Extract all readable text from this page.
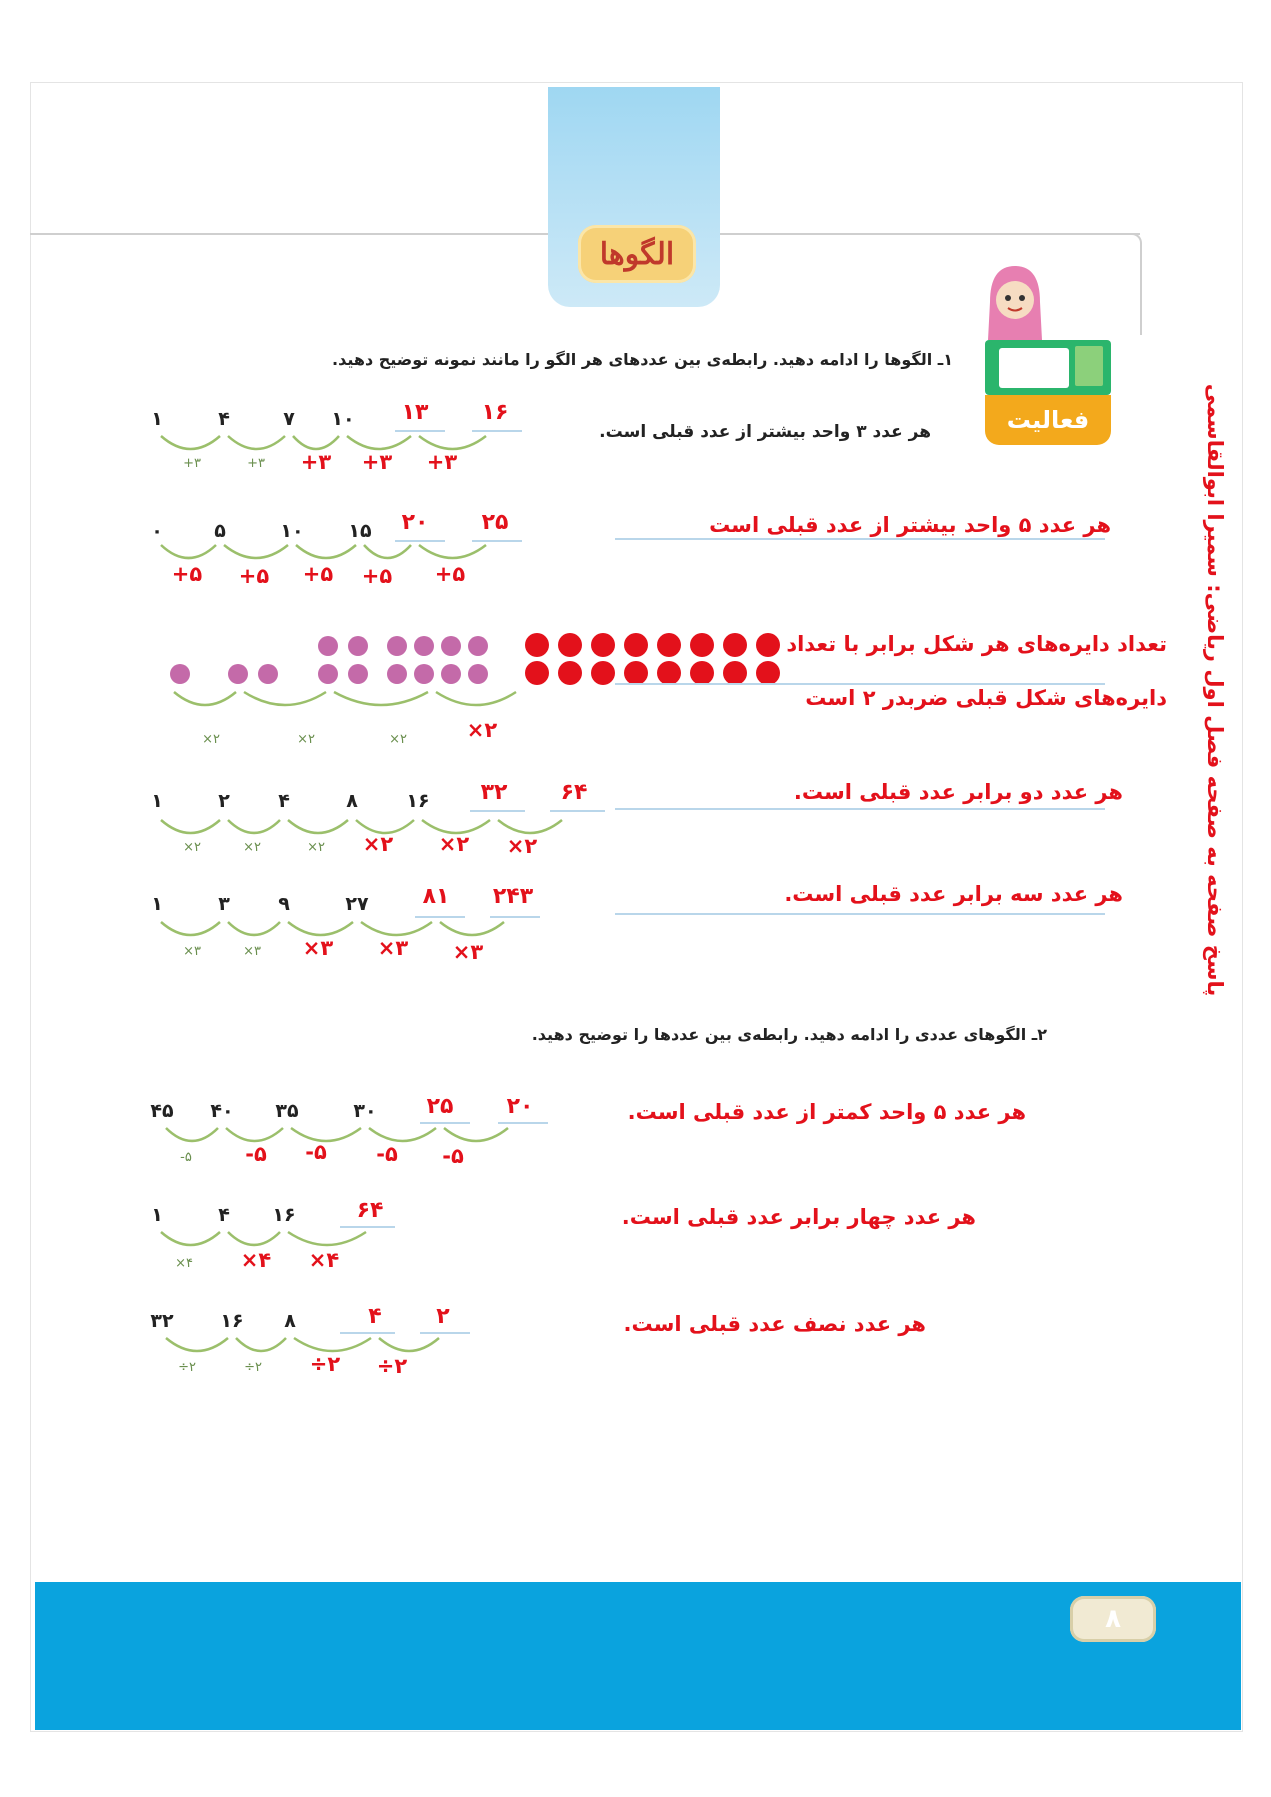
الگوها
فعالیت	پاسخ صفحه به صفحه فصل اول ریاضی: سمیرا ابوالقاسمی
۱ـ الگوها را ادامه دهید. رابطه‌ی بین عددهای هر الگو را مانند نمونه توضیح دهید.
۱	۴	۷ ۱۰ ۱۳ ۱۶
+۳	+۳ +۳ +۳ +۳
هر عدد ۳ واحد بیشتر از عدد قبلی است.
۰	۵	۱۰ ۱۵ ۲۰ ۲۵
+۵ +۵ +۵ +۵ +۵
هر عدد ۵ واحد بیشتر از عدد قبلی است
×۲	×۲	×۲	×۲
تعداد دایره‌های هر شکل برابر با تعداد
دایره‌های شکل قبلی ضربدر ۲ است
۱	۲	۴	۸	۱۶ ۳۲ ۶۴
×۲	×۲	×۲ ×۲ ×۲ ×۲
هر عدد دو برابر عدد قبلی است.
۱	۳	۹	۲۷ ۸۱ ۲۴۳
×۳	×۳ ×۳ ×۳ ×۳
هر عدد سه برابر عدد قبلی است.
۲ـ الگوهای عددی را ادامه دهید. رابطه‌ی بین عددها را توضیح دهید.
۴۵ ۴۰ ۳۵	۳۰ ۲۵ ۲۰
-۵	-۵ -۵ -۵ -۵
هر عدد ۵ واحد کمتر از عدد قبلی است.
۱	۴ ۱۶	۶۴
×۴ ×۴ ×۴
هر عدد چهار برابر عدد قبلی است.
۳۲ ۱۶ ۸	۴ ۲
÷۲	÷۲ ÷۲ ÷۲
هر عدد نصف عدد قبلی است.
۸
